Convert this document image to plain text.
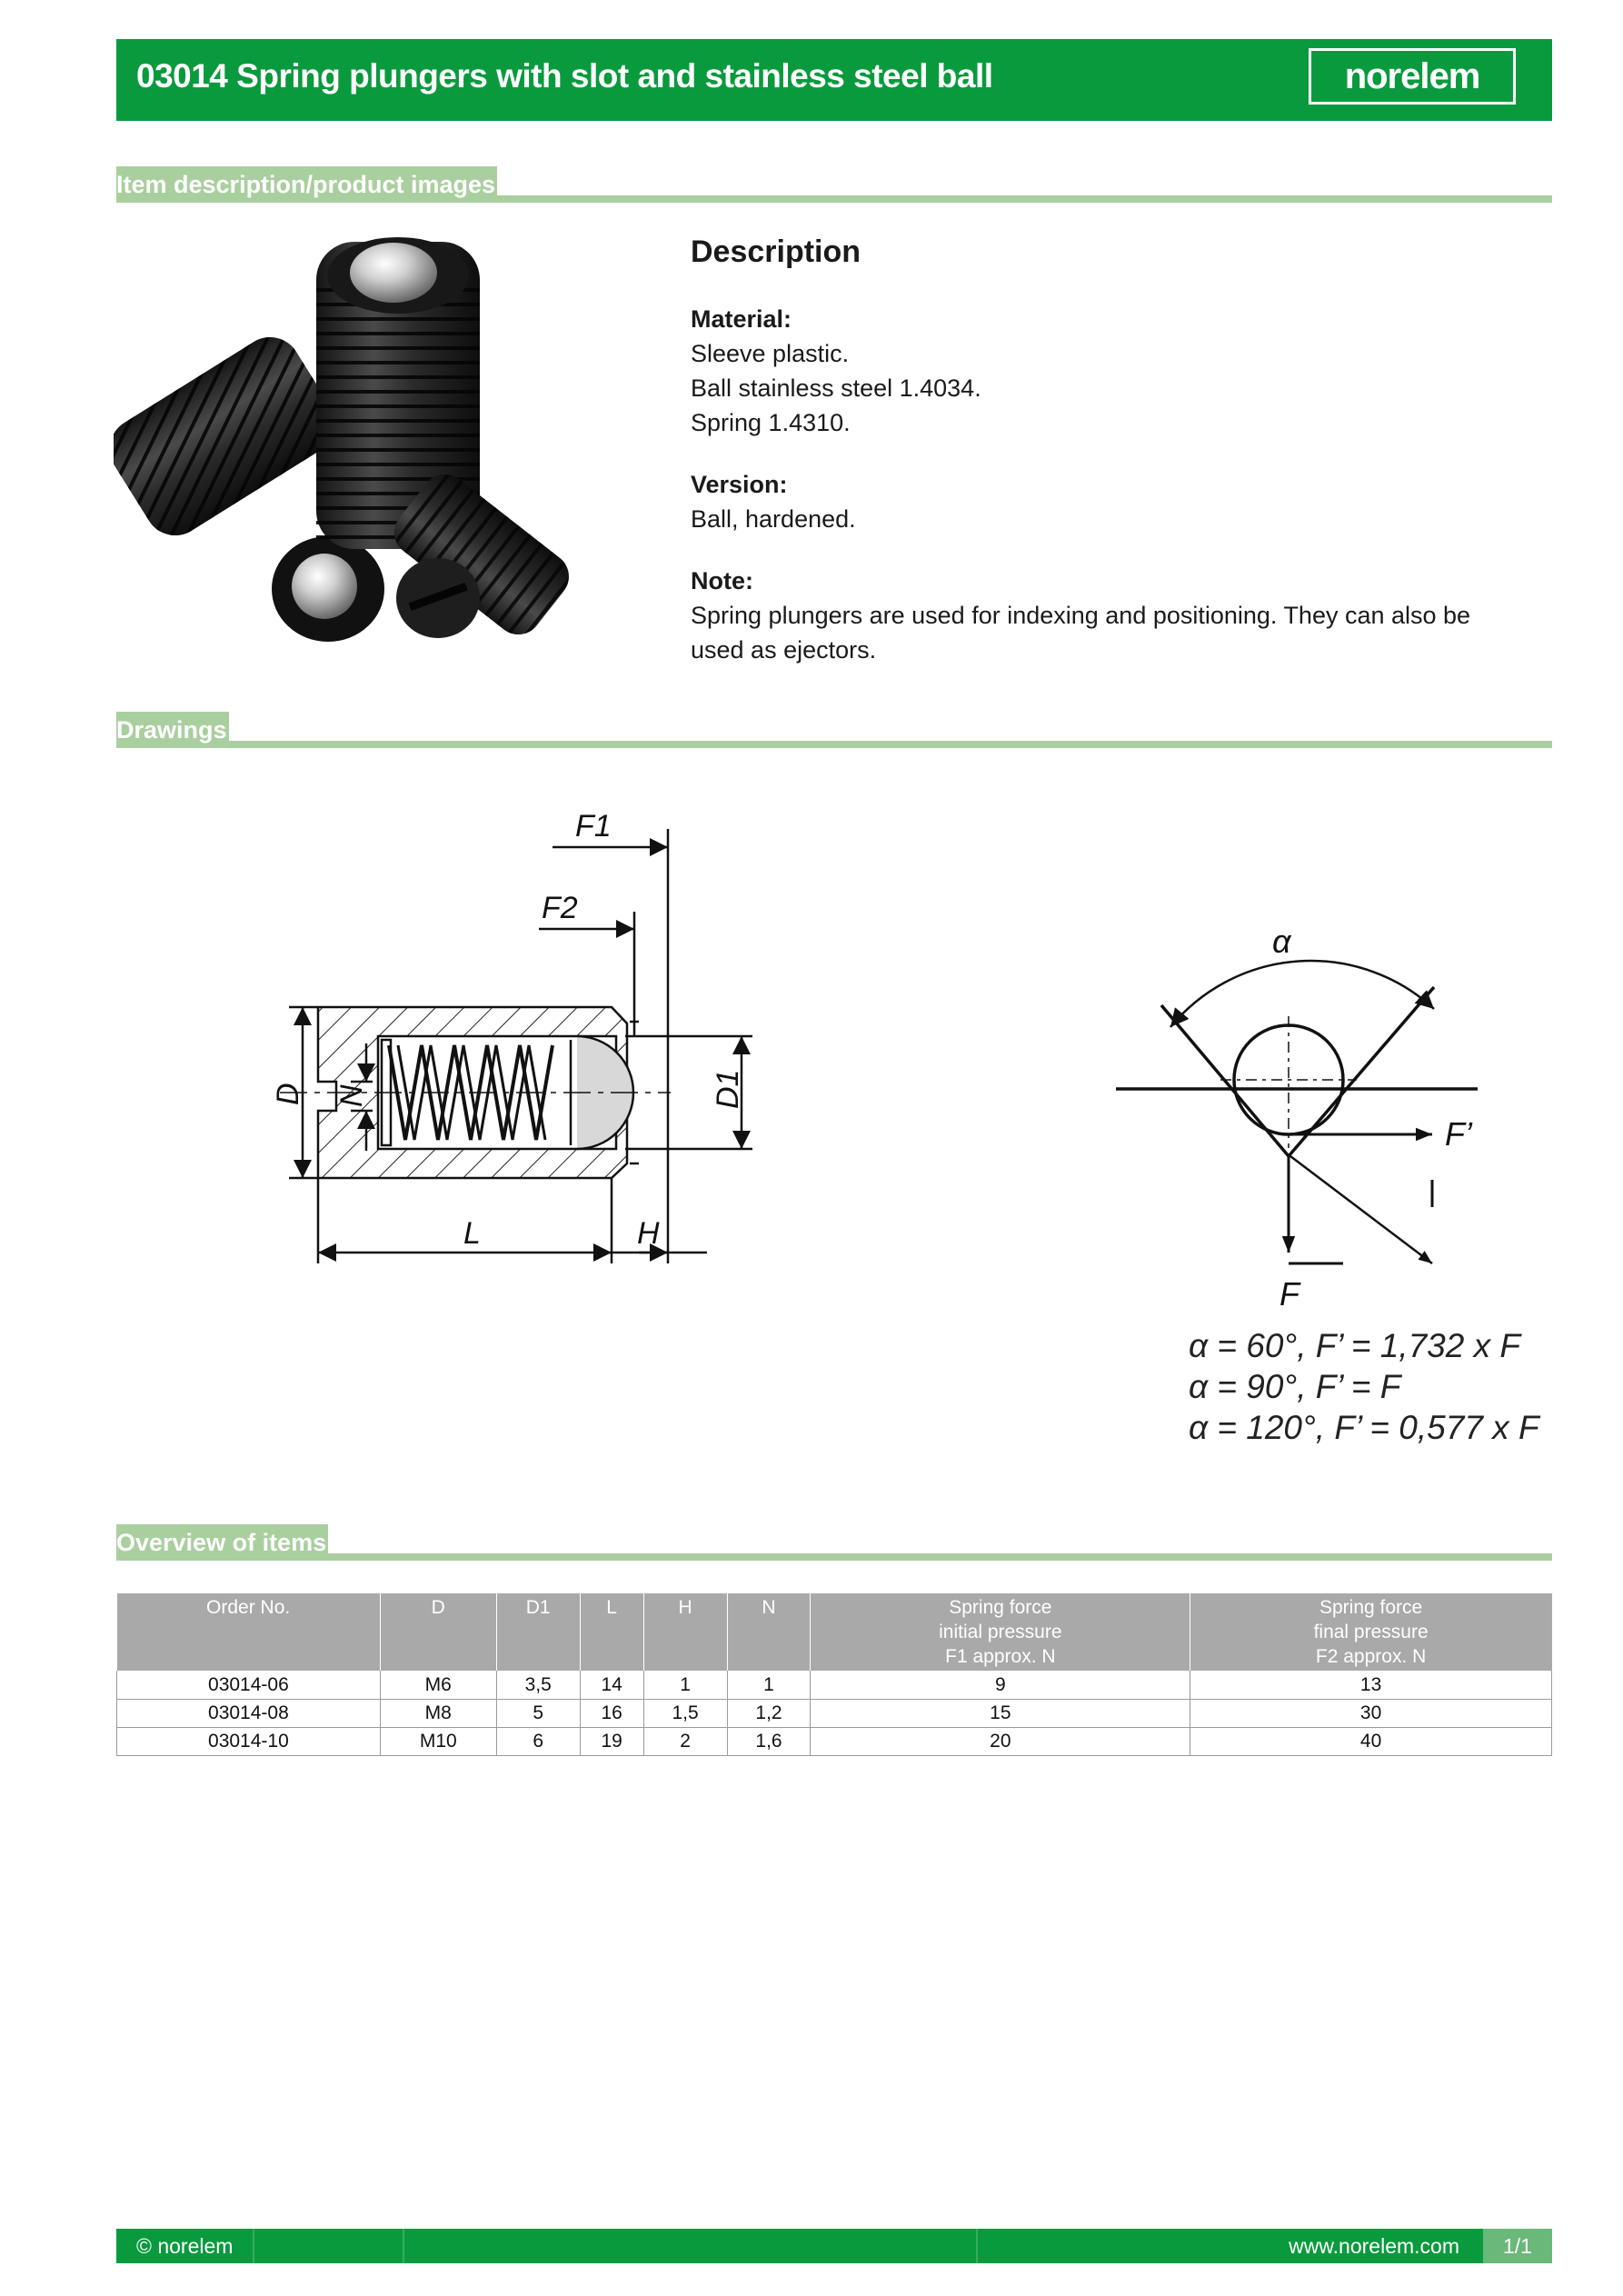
03014 Spring plungers with slot and stainless steel ball	norelem
Item description/product images
Description
Material:
Sleeve plastic.
Ball stainless steel 1.4034.
Spring 1.4310.
Version:
Ball, hardened.
Note:
Spring plungers are used for indexing and positioning. They can also be used as ejectors.
Drawings
F1
F2
D N	D1
L	H
α
F’
F
α = 60°, F’ = 1,732 x F
α = 90°, F’ = F
α = 120°, F’ = 0,577 x F
Overview of items
Order No.	D	D1	L	H	N	Spring force
initial pressure
F1 approx. N	Spring force
final pressure
F2 approx. N
03014-06	M6	3,5	14	1	1	9	13
03014-08	M8	5	16	1,5	1,2	15	30
03014-10	M10	6	19	2	1,6	20	40
© norelem	www.norelem.com	1/1
